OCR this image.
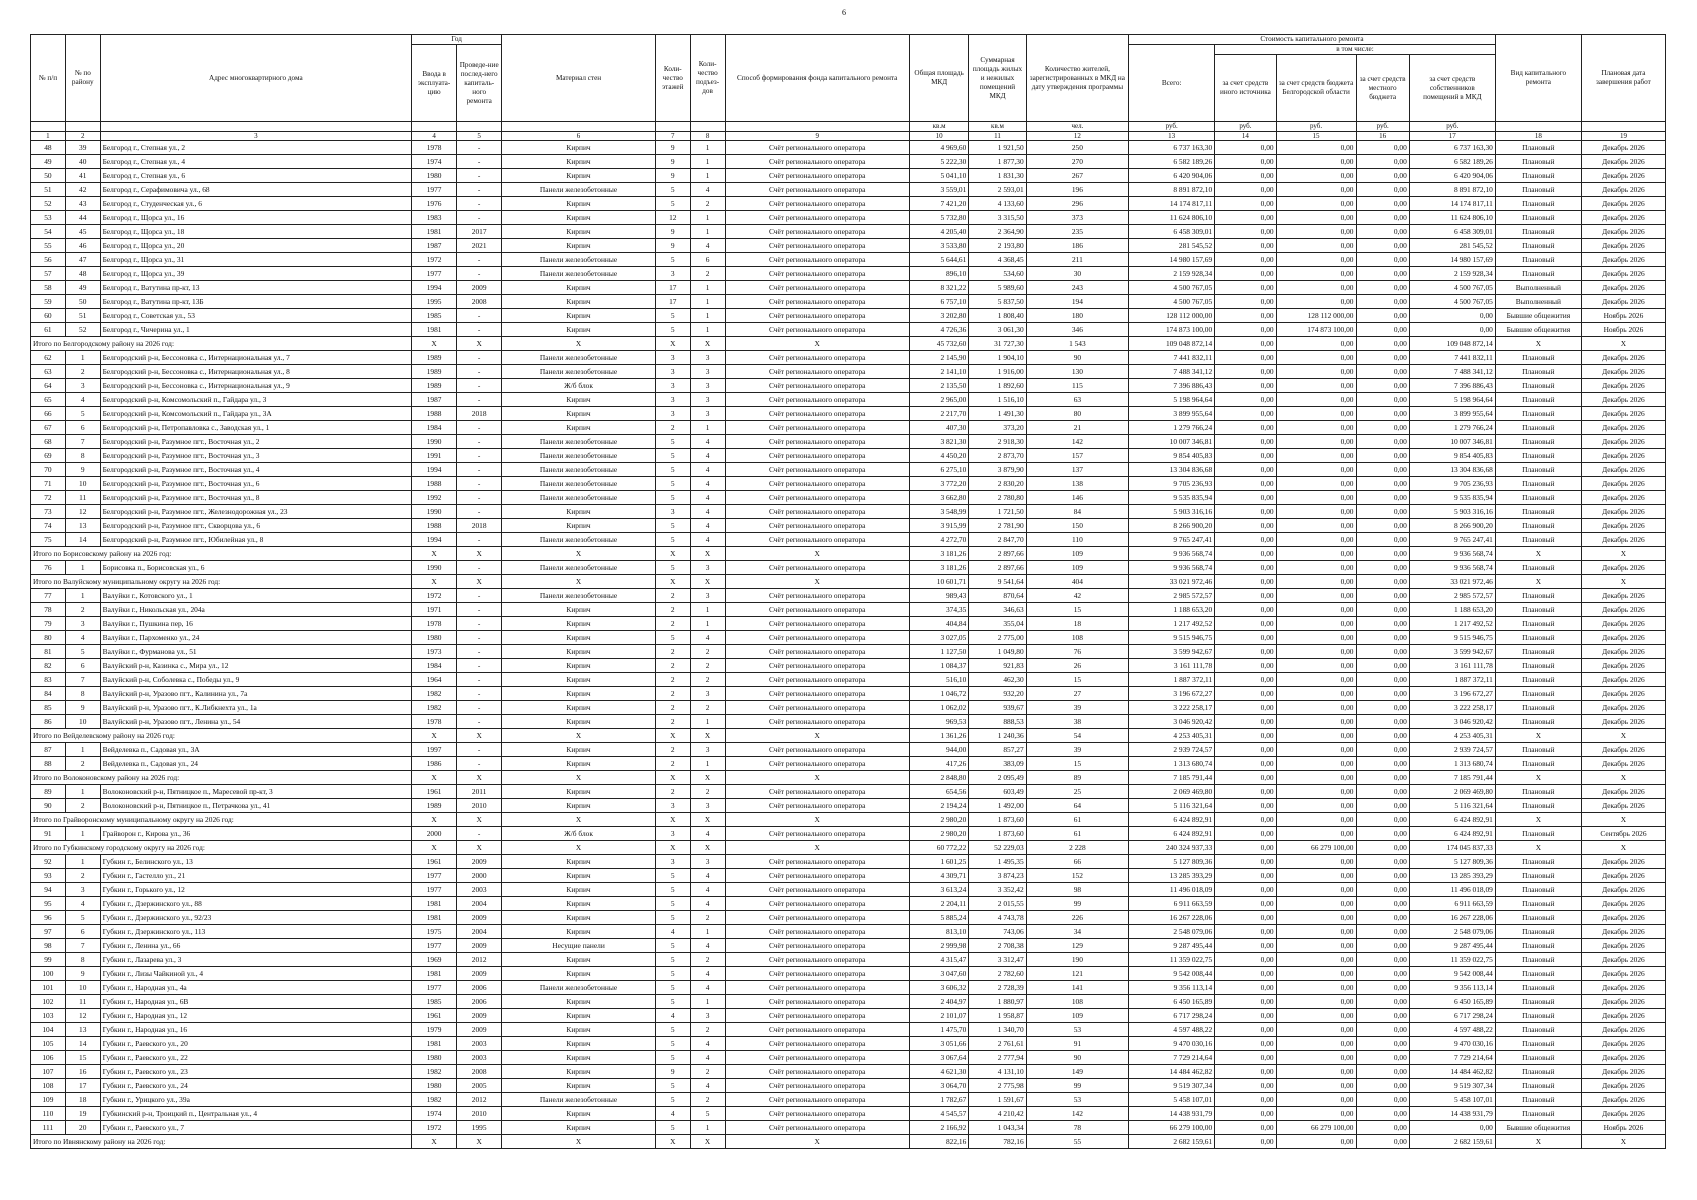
6
№ п/п	№ по району	Адрес многоквартирного дома	Год		Материал стен	Коли-чество этажей	Коли-чество подъез-дов	Способ формирования фонда капитального ремонта	Общая площадь МКД	Суммарная площадь жилых и нежилых помещений МКД	Количество жителей, зарегистрированных в МКД на дату утверждения программы	Стоимость капитального ремонта					Вид капитального ремонта	Плановая дата завершения работ
			Ввода в эксплуата-цию	Проведе-ние послед-него капиталь-ного ремонта								Всего:	в том числе:					
													за счет средств иного источника	за счет средств бюджета Белгородской области	за счет средств местного бюджета	за счет средств собственников помещений в МКД		
									кв.м	кв.м	чел.	руб.	руб.	руб.	руб.	руб.		
1	2	3	4	5	6	7	8	9	10	11	12	13	14	15	16	17	18	19
48	39	Белгород г., Степная ул., 2	1978	-	Кирпич	9	1	Счёт регионального оператора	4 969,60	1 921,50	250	6 737 163,30	0,00	0,00	0,00	6 737 163,30	Плановый	Декабрь 2026
49	40	Белгород г., Степная ул., 4	1974	-	Кирпич	9	1	Счёт регионального оператора	5 222,30	1 877,30	270	6 582 189,26	0,00	0,00	0,00	6 582 189,26	Плановый	Декабрь 2026
50	41	Белгород г., Степная ул., 6	1980	-	Кирпич	9	1	Счёт регионального оператора	5 041,10	1 831,30	267	6 420 904,06	0,00	0,00	0,00	6 420 904,06	Плановый	Декабрь 2026
51	42	Белгород г., Серафимовича ул., 68	1977	-	Панели железобетонные	5	4	Счёт регионального оператора	3 559,01	2 593,01	196	8 891 872,10	0,00	0,00	0,00	8 891 872,10	Плановый	Декабрь 2026
52	43	Белгород г., Студенческая ул., 6	1976	-	Кирпич	5	2	Счёт регионального оператора	7 421,20	4 133,60	296	14 174 817,11	0,00	0,00	0,00	14 174 817,11	Плановый	Декабрь 2026
53	44	Белгород г., Щорса ул., 16	1983	-	Кирпич	12	1	Счёт регионального оператора	5 732,80	3 315,50	373	11 624 806,10	0,00	0,00	0,00	11 624 806,10	Плановый	Декабрь 2026
54	45	Белгород г., Щорса ул., 18	1981	2017	Кирпич	9	1	Счёт регионального оператора	4 205,40	2 364,90	235	6 458 309,01	0,00	0,00	0,00	6 458 309,01	Плановый	Декабрь 2026
55	46	Белгород г., Щорса ул., 20	1987	2021	Кирпич	9	4	Счёт регионального оператора	3 533,80	2 193,80	186	281 545,52	0,00	0,00	0,00	281 545,52	Плановый	Декабрь 2026
56	47	Белгород г., Щорса ул., 31	1972	-	Панели железобетонные	5	6	Счёт регионального оператора	5 644,61	4 368,45	211	14 980 157,69	0,00	0,00	0,00	14 980 157,69	Плановый	Декабрь 2026
57	48	Белгород г., Щорса ул., 39	1977	-	Панели железобетонные	3	2	Счёт регионального оператора	896,10	534,60	30	2 159 928,34	0,00	0,00	0,00	2 159 928,34	Плановый	Декабрь 2026
58	49	Белгород г., Ватутина пр-кт, 13	1994	2009	Кирпич	17	1	Счёт регионального оператора	8 321,22	5 989,60	243	4 500 767,05	0,00	0,00	0,00	4 500 767,05	Выполненный	Декабрь 2026
59	50	Белгород г., Ватутина пр-кт, 13Б	1995	2008	Кирпич	17	1	Счёт регионального оператора	6 757,10	5 837,50	194	4 500 767,05	0,00	0,00	0,00	4 500 767,05	Выполненный	Декабрь 2026
60	51	Белгород г., Советская ул., 53	1985	-	Кирпич	5	1	Счёт регионального оператора	3 202,80	1 808,40	180	128 112 000,00	0,00	128 112 000,00	0,00	0,00	Бывшие общежития	Ноябрь 2026
61	52	Белгород г., Чичерина ул., 1	1981	-	Кирпич	5	1	Счёт регионального оператора	4 726,36	3 061,30	346	174 873 100,00	0,00	174 873 100,00	0,00	0,00	Бывшие общежития	Ноябрь 2026
Итого по Белгородскому району на 2026 год:			X	X	X	X	X	X	45 732,60	31 727,30	1 543	109 048 872,14	0,00	0,00	0,00	109 048 872,14	X	X
62	1	Белгородский р-н, Бессоновка с., Интернациональная ул., 7	1989	-	Панели железобетонные	3	3	Счёт регионального оператора	2 145,90	1 904,10	90	7 441 832,11	0,00	0,00	0,00	7 441 832,11	Плановый	Декабрь 2026
63	2	Белгородский р-н, Бессоновка с., Интернациональная ул., 8	1989	-	Панели железобетонные	3	3	Счёт регионального оператора	2 141,10	1 916,00	130	7 488 341,12	0,00	0,00	0,00	7 488 341,12	Плановый	Декабрь 2026
64	3	Белгородский р-н, Бессоновка с., Интернациональная ул., 9	1989	-	Ж/б блок	3	3	Счёт регионального оператора	2 135,50	1 892,60	115	7 396 886,43	0,00	0,00	0,00	7 396 886,43	Плановый	Декабрь 2026
65	4	Белгородский р-н, Комсомольский п., Гайдара ул., 3	1987	-	Кирпич	3	3	Счёт регионального оператора	2 965,00	1 516,10	63	5 198 964,64	0,00	0,00	0,00	5 198 964,64	Плановый	Декабрь 2026
66	5	Белгородский р-н, Комсомольский п., Гайдара ул., 3А	1988	2018	Кирпич	3	3	Счёт регионального оператора	2 217,70	1 491,30	80	3 899 955,64	0,00	0,00	0,00	3 899 955,64	Плановый	Декабрь 2026
67	6	Белгородский р-н, Петропавловка с., Заводская ул., 1	1984	-	Кирпич	2	1	Счёт регионального оператора	407,30	373,20	21	1 279 766,24	0,00	0,00	0,00	1 279 766,24	Плановый	Декабрь 2026
68	7	Белгородский р-н, Разумное пгт., Восточная ул., 2	1990	-	Панели железобетонные	5	4	Счёт регионального оператора	3 821,30	2 918,30	142	10 007 346,81	0,00	0,00	0,00	10 007 346,81	Плановый	Декабрь 2026
69	8	Белгородский р-н, Разумное пгт., Восточная ул., 3	1991	-	Панели железобетонные	5	4	Счёт регионального оператора	4 450,20	2 873,70	157	9 854 405,83	0,00	0,00	0,00	9 854 405,83	Плановый	Декабрь 2026
70	9	Белгородский р-н, Разумное пгт., Восточная ул., 4	1994	-	Панели железобетонные	5	4	Счёт регионального оператора	6 275,10	3 879,90	137	13 304 836,68	0,00	0,00	0,00	13 304 836,68	Плановый	Декабрь 2026
71	10	Белгородский р-н, Разумное пгт., Восточная ул., 6	1988	-	Панели железобетонные	5	4	Счёт регионального оператора	3 772,20	2 830,20	138	9 705 236,93	0,00	0,00	0,00	9 705 236,93	Плановый	Декабрь 2026
72	11	Белгородский р-н, Разумное пгт., Восточная ул., 8	1992	-	Панели железобетонные	5	4	Счёт регионального оператора	3 662,80	2 780,80	146	9 535 835,94	0,00	0,00	0,00	9 535 835,94	Плановый	Декабрь 2026
73	12	Белгородский р-н, Разумное пгт., Железнодорожная ул., 23	1990	-	Кирпич	3	4	Счёт регионального оператора	3 548,99	1 721,50	84	5 903 316,16	0,00	0,00	0,00	5 903 316,16	Плановый	Декабрь 2026
74	13	Белгородский р-н, Разумное пгт., Скворцова ул., 6	1988	2018	Кирпич	5	4	Счёт регионального оператора	3 915,99	2 781,90	150	8 266 900,20	0,00	0,00	0,00	8 266 900,20	Плановый	Декабрь 2026
75	14	Белгородский р-н, Разумное пгт., Юбилейная ул., 8	1994	-	Панели железобетонные	5	4	Счёт регионального оператора	4 272,70	2 847,70	110	9 765 247,41	0,00	0,00	0,00	9 765 247,41	Плановый	Декабрь 2026
Итого по Борисовскому району на 2026 год:			X	X	X	X	X	X	3 181,26	2 897,66	109	9 936 568,74	0,00	0,00	0,00	9 936 568,74	X	X
76	1	Борисовка п., Борисовская ул., 6	1990	-	Панели железобетонные	5	3	Счёт регионального оператора	3 181,26	2 897,66	109	9 936 568,74	0,00	0,00	0,00	9 936 568,74	Плановый	Декабрь 2026
Итого по Валуйскому муниципальному округу на 2026 год:			X	X	X	X	X	X	10 601,71	9 541,64	404	33 021 972,46	0,00	0,00	0,00	33 021 972,46	X	X
77	1	Валуйки г., Котовского ул., 1	1972	-	Панели железобетонные	2	3	Счёт регионального оператора	989,43	870,64	42	2 985 572,57	0,00	0,00	0,00	2 985 572,57	Плановый	Декабрь 2026
78	2	Валуйки г., Никольская ул., 204а	1971	-	Кирпич	2	1	Счёт регионального оператора	374,35	346,63	15	1 188 653,20	0,00	0,00	0,00	1 188 653,20	Плановый	Декабрь 2026
79	3	Валуйки г., Пушкина пер, 16	1978	-	Кирпич	2	1	Счёт регионального оператора	404,84	355,04	18	1 217 492,52	0,00	0,00	0,00	1 217 492,52	Плановый	Декабрь 2026
80	4	Валуйки г., Пархоменко ул., 24	1980	-	Кирпич	5	4	Счёт регионального оператора	3 027,05	2 775,00	108	9 515 946,75	0,00	0,00	0,00	9 515 946,75	Плановый	Декабрь 2026
81	5	Валуйки г., Фурманова ул., 51	1973	-	Кирпич	2	2	Счёт регионального оператора	1 127,50	1 049,80	76	3 599 942,67	0,00	0,00	0,00	3 599 942,67	Плановый	Декабрь 2026
82	6	Валуйский р-н, Казинка с., Мира ул., 12	1984	-	Кирпич	2	2	Счёт регионального оператора	1 084,37	921,83	26	3 161 111,78	0,00	0,00	0,00	3 161 111,78	Плановый	Декабрь 2026
83	7	Валуйский р-н, Соболевка с., Победы ул., 9	1964	-	Кирпич	2	2	Счёт регионального оператора	516,10	462,30	15	1 887 372,11	0,00	0,00	0,00	1 887 372,11	Плановый	Декабрь 2026
84	8	Валуйский р-н, Уразово пгт., Калинина ул., 7а	1982	-	Кирпич	2	3	Счёт регионального оператора	1 046,72	932,20	27	3 196 672,27	0,00	0,00	0,00	3 196 672,27	Плановый	Декабрь 2026
85	9	Валуйский р-н, Уразово пгт., К.Либкнехта ул., 1а	1982	-	Кирпич	2	2	Счёт регионального оператора	1 062,02	939,67	39	3 222 258,17	0,00	0,00	0,00	3 222 258,17	Плановый	Декабрь 2026
86	10	Валуйский р-н, Уразово пгт., Ленина ул., 54	1978	-	Кирпич	2	1	Счёт регионального оператора	969,53	888,53	38	3 046 920,42	0,00	0,00	0,00	3 046 920,42	Плановый	Декабрь 2026
Итого по Вейделевскому району на 2026 год:			X	X	X	X	X	X	1 361,26	1 240,36	54	4 253 405,31	0,00	0,00	0,00	4 253 405,31	X	X
87	1	Вейделевка п., Садовая ул., 3А	1997	-	Кирпич	2	3	Счёт регионального оператора	944,00	857,27	39	2 939 724,57	0,00	0,00	0,00	2 939 724,57	Плановый	Декабрь 2026
88	2	Вейделевка п., Садовая ул., 24	1986	-	Кирпич	2	1	Счёт регионального оператора	417,26	383,09	15	1 313 680,74	0,00	0,00	0,00	1 313 680,74	Плановый	Декабрь 2026
Итого по Волоконовскому району на 2026 год:			X	X	X	X	X	X	2 848,80	2 095,49	89	7 185 791,44	0,00	0,00	0,00	7 185 791,44	X	X
89	1	Волоконовский р-н, Пятницкое п., Маресевой пр-кт, 3	1961	2011	Кирпич	2	2	Счёт регионального оператора	654,56	603,49	25	2 069 469,80	0,00	0,00	0,00	2 069 469,80	Плановый	Декабрь 2026
90	2	Волоконовский р-н, Пятницкое п., Петрачкова ул., 41	1989	2010	Кирпич	3	3	Счёт регионального оператора	2 194,24	1 492,00	64	5 116 321,64	0,00	0,00	0,00	5 116 321,64	Плановый	Декабрь 2026
Итого по Грайворонскому муниципальному округу на 2026 год:			X	X	X	X	X	X	2 980,20	1 873,60	61	6 424 892,91	0,00	0,00	0,00	6 424 892,91	X	X
91	1	Грайворон г., Кирова ул., 36	2000	-	Ж/б блок	3	4	Счёт регионального оператора	2 980,20	1 873,60	61	6 424 892,91	0,00	0,00	0,00	6 424 892,91	Плановый	Сентябрь 2026
Итого по Губкинскому городскому округу на 2026 год:			X	X	X	X	X	X	60 772,22	52 229,03	2 228	240 324 937,33	0,00	66 279 100,00	0,00	174 045 837,33	X	X
92	1	Губкин г., Белинского ул., 13	1961	2009	Кирпич	3	3	Счёт регионального оператора	1 601,25	1 495,35	66	5 127 809,36	0,00	0,00	0,00	5 127 809,36	Плановый	Декабрь 2026
93	2	Губкин г., Гастелло ул., 21	1977	2000	Кирпич	5	4	Счёт регионального оператора	4 309,71	3 874,23	152	13 285 393,29	0,00	0,00	0,00	13 285 393,29	Плановый	Декабрь 2026
94	3	Губкин г., Горького ул., 12	1977	2003	Кирпич	5	4	Счёт регионального оператора	3 613,24	3 352,42	98	11 496 018,09	0,00	0,00	0,00	11 496 018,09	Плановый	Декабрь 2026
95	4	Губкин г., Дзержинского ул., 88	1981	2004	Кирпич	5	4	Счёт регионального оператора	2 204,11	2 015,55	99	6 911 663,59	0,00	0,00	0,00	6 911 663,59	Плановый	Декабрь 2026
96	5	Губкин г., Дзержинского ул., 92/23	1981	2009	Кирпич	5	2	Счёт регионального оператора	5 885,24	4 743,78	226	16 267 228,06	0,00	0,00	0,00	16 267 228,06	Плановый	Декабрь 2026
97	6	Губкин г., Дзержинского ул., 113	1975	2004	Кирпич	4	1	Счёт регионального оператора	813,10	743,06	34	2 548 079,06	0,00	0,00	0,00	2 548 079,06	Плановый	Декабрь 2026
98	7	Губкин г., Ленина ул., 66	1977	2009	Несущие панели	5	4	Счёт регионального оператора	2 999,98	2 708,38	129	9 287 495,44	0,00	0,00	0,00	9 287 495,44	Плановый	Декабрь 2026
99	8	Губкин г., Лазарева ул., 3	1969	2012	Кирпич	5	2	Счёт регионального оператора	4 315,47	3 312,47	190	11 359 022,75	0,00	0,00	0,00	11 359 022,75	Плановый	Декабрь 2026
100	9	Губкин г., Лизы Чайкиной ул., 4	1981	2009	Кирпич	5	4	Счёт регионального оператора	3 047,60	2 782,60	121	9 542 008,44	0,00	0,00	0,00	9 542 008,44	Плановый	Декабрь 2026
101	10	Губкин г., Народная ул., 4а	1977	2006	Панели железобетонные	5	4	Счёт регионального оператора	3 606,32	2 728,39	141	9 356 113,14	0,00	0,00	0,00	9 356 113,14	Плановый	Декабрь 2026
102	11	Губкин г., Народная ул., 6В	1985	2006	Кирпич	5	1	Счёт регионального оператора	2 404,97	1 880,97	108	6 450 165,89	0,00	0,00	0,00	6 450 165,89	Плановый	Декабрь 2026
103	12	Губкин г., Народная ул., 12	1961	2009	Кирпич	4	3	Счёт регионального оператора	2 101,07	1 958,87	109	6 717 298,24	0,00	0,00	0,00	6 717 298,24	Плановый	Декабрь 2026
104	13	Губкин г., Народная ул., 16	1979	2009	Кирпич	5	2	Счёт регионального оператора	1 475,70	1 340,70	53	4 597 488,22	0,00	0,00	0,00	4 597 488,22	Плановый	Декабрь 2026
105	14	Губкин г., Раевского ул., 20	1981	2003	Кирпич	5	4	Счёт регионального оператора	3 051,66	2 761,61	91	9 470 030,16	0,00	0,00	0,00	9 470 030,16	Плановый	Декабрь 2026
106	15	Губкин г., Раевского ул., 22	1980	2003	Кирпич	5	4	Счёт регионального оператора	3 067,64	2 777,94	90	7 729 214,64	0,00	0,00	0,00	7 729 214,64	Плановый	Декабрь 2026
107	16	Губкин г., Раевского ул., 23	1982	2008	Кирпич	9	2	Счёт регионального оператора	4 621,30	4 131,10	149	14 484 462,82	0,00	0,00	0,00	14 484 462,82	Плановый	Декабрь 2026
108	17	Губкин г., Раевского ул., 24	1980	2005	Кирпич	5	4	Счёт регионального оператора	3 064,70	2 775,98	99	9 519 307,34	0,00	0,00	0,00	9 519 307,34	Плановый	Декабрь 2026
109	18	Губкин г., Урицкого ул., 39а	1982	2012	Панели железобетонные	5	2	Счёт регионального оператора	1 782,67	1 591,67	53	5 458 107,01	0,00	0,00	0,00	5 458 107,01	Плановый	Декабрь 2026
110	19	Губкинский р-н, Троицкий п., Центральная ул., 4	1974	2010	Кирпич	4	5	Счёт регионального оператора	4 545,57	4 210,42	142	14 438 931,79	0,00	0,00	0,00	14 438 931,79	Плановый	Декабрь 2026
111	20	Губкин г., Раевского ул., 7	1972	1995	Кирпич	5	1	Счёт регионального оператора	2 166,92	1 043,34	78	66 279 100,00	0,00	66 279 100,00	0,00	0,00	Бывшие общежития	Ноябрь 2026
Итого по Ивнянскому району на 2026 год:			X	X	X	X	X	X	822,16	782,16	55	2 682 159,61	0,00	0,00	0,00	2 682 159,61	X	X
